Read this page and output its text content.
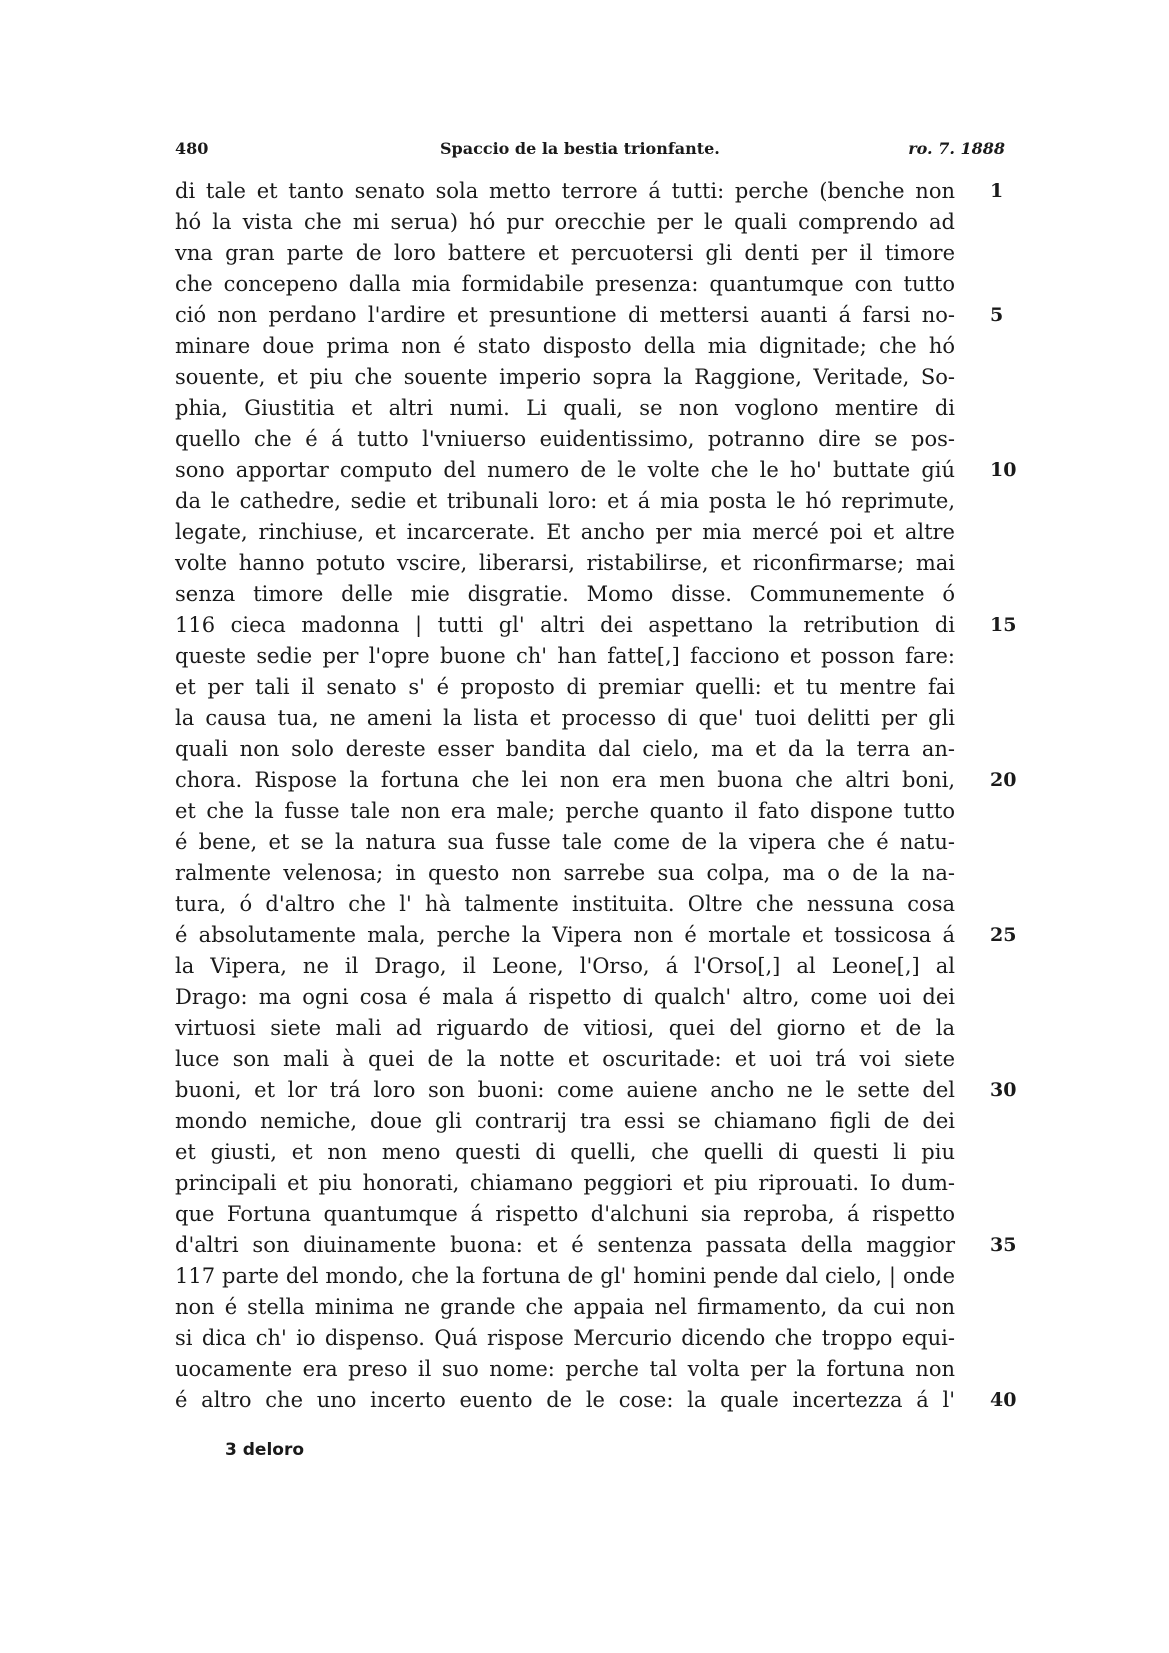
480	Spaccio de la bestia trionfante.	ro. 7. 1888
di tale et tanto senato sola metto terrore á tutti: perche (benche non
hó la vista che mi serua) hó pur orecchie per le quali comprendo ad
vna gran parte de loro battere et percuotersi gli denti per il timore
che concepeno dalla mia formidabile presenza: quantumque con tutto
ció non perdano l'ardire et presuntione di mettersi auanti á farsi no-
minare doue prima non é stato disposto della mia dignitade; che hó
souente, et piu che souente imperio sopra la Raggione, Veritade, So-
phia, Giustitia et altri numi. Li quali, se non voglono mentire di
quello che é á tutto l'vniuerso euidentissimo, potranno dire se pos-
sono apportar computo del numero de le volte che le ho' buttate giú
da le cathedre, sedie et tribunali loro: et á mia posta le hó reprimute,
legate, rinchiuse, et incarcerate. Et ancho per mia mercé poi et altre
volte hanno potuto vscire, liberarsi, ristabilirse, et riconfirmarse; mai
senza timore delle mie disgratie. Momo disse. Communemente ó
116 cieca madonna | tutti gl' altri dei aspettano la retribution di
queste sedie per l'opre buone ch' han fatte[,] facciono et posson fare:
et per tali il senato s' é proposto di premiar quelli: et tu mentre fai
la causa tua, ne ameni la lista et processo di que' tuoi delitti per gli
quali non solo dereste esser bandita dal cielo, ma et da la terra an-
chora. Rispose la fortuna che lei non era men buona che altri boni,
et che la fusse tale non era male; perche quanto il fato dispone tutto
é bene, et se la natura sua fusse tale come de la vipera che é natu-
ralmente velenosa; in questo non sarrebe sua colpa, ma o de la na-
tura, ó d'altro che l' hà talmente instituita. Oltre che nessuna cosa
é absolutamente mala, perche la Vipera non é mortale et tossicosa á
la Vipera, ne il Drago, il Leone, l'Orso, á l'Orso[,] al Leone[,] al
Drago: ma ogni cosa é mala á rispetto di qualch' altro, come uoi dei
virtuosi siete mali ad riguardo de vitiosi, quei del giorno et de la
luce son mali à quei de la notte et oscuritade: et uoi trá voi siete
buoni, et lor trá loro son buoni: come auiene ancho ne le sette del
mondo nemiche, doue gli contrarij tra essi se chiamano figli de dei
et giusti, et non meno questi di quelli, che quelli di questi li piu
principali et piu honorati, chiamano peggiori et piu riprouati. Io dum-
que Fortuna quantumque á rispetto d'alchuni sia reproba, á rispetto
d'altri son diuinamente buona: et é sentenza passata della maggior
117 parte del mondo, che la fortuna de gl' homini pende dal cielo, | onde
non é stella minima ne grande che appaia nel firmamento, da cui non
si dica ch' io dispenso. Quá rispose Mercurio dicendo che troppo equi-
uocamente era preso il suo nome: perche tal volta per la fortuna non
é altro che uno incerto euento de le cose: la quale incertezza á l'
1
5
10
15
20
25
30
35
40
3 deloro
